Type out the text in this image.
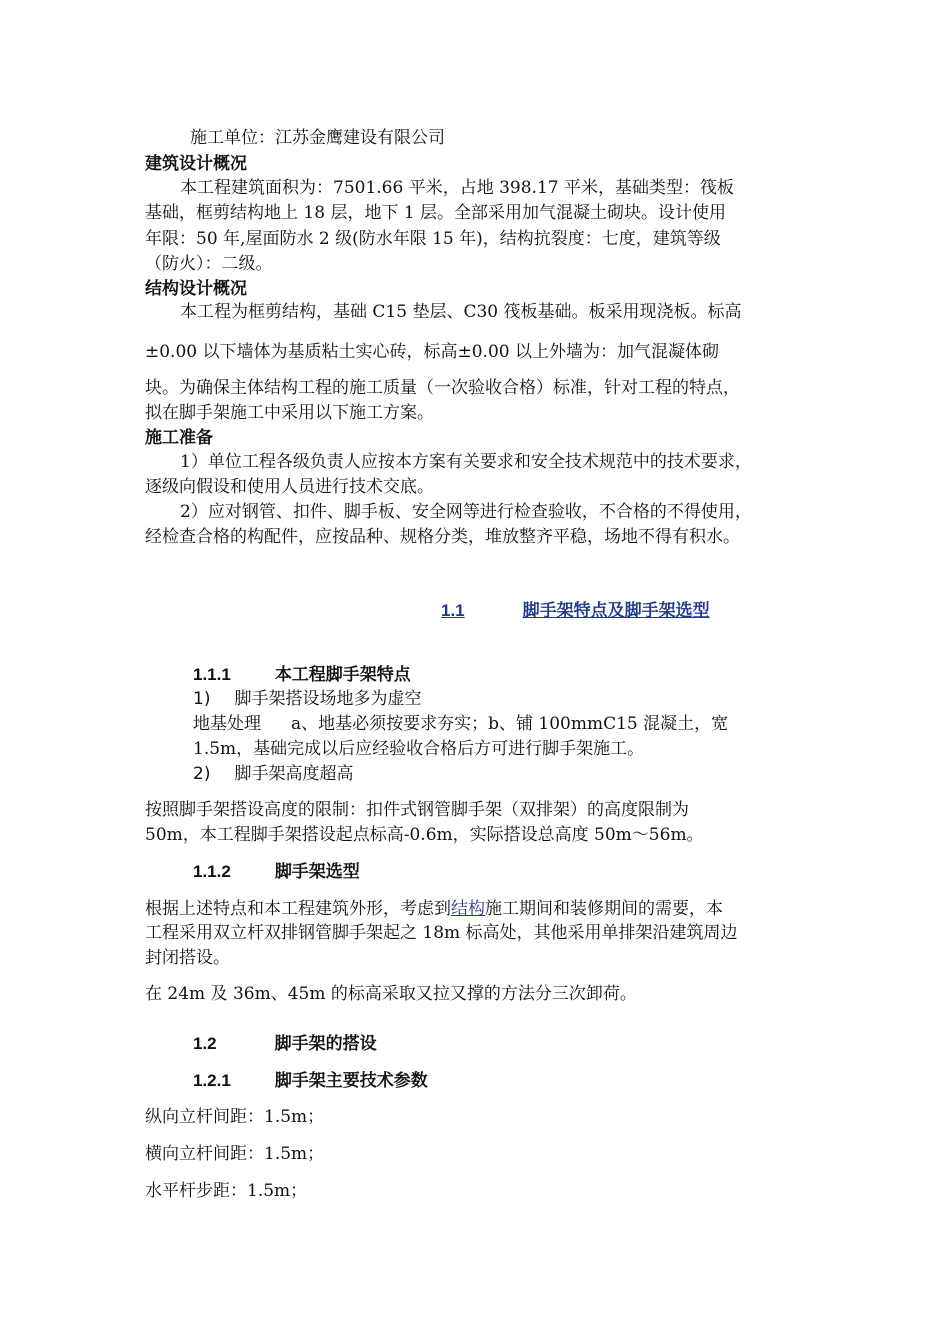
施工单位：江苏金鹰建设有限公司
建筑设计概况
本工程建筑面积为：7501.66 平米，占地 398.17 平米，基础类型：筏板
基础，框剪结构地上 18 层，地下 1 层。全部采用加气混凝土砌块。设计使用
年限：50 年,屋面防水 2 级(防水年限 15 年)，结构抗裂度：七度，建筑等级
（防火）：二级。
结构设计概况
本工程为框剪结构，基础 C15 垫层、C30 筏板基础。板采用现浇板。标高
±0.00 以下墙体为基质粘土实心砖，标高±0.00 以上外墙为：加气混凝体砌
块。为确保主体结构工程的施工质量（一次验收合格）标准，针对工程的特点，
拟在脚手架施工中采用以下施工方案。
施工准备
1）单位工程各级负责人应按本方案有关要求和安全技术规范中的技术要求，
逐级向假设和使用人员进行技术交底。
2）应对钢管、扣件、脚手板、安全网等进行检查验收，不合格的不得使用，
经检查合格的构配件，应按品种、规格分类，堆放整齐平稳，场地不得有积水。
1.1	脚手架特点及脚手架选型
1.1.1	本工程脚手架特点
1) 脚手架搭设场地多为虚空
地基处理 a、地基必须按要求夯实；b、铺 100mmC15 混凝土，宽
1.5m，基础完成以后应经验收合格后方可进行脚手架施工。
2) 脚手架高度超高
按照脚手架搭设高度的限制：扣件式钢管脚手架（双排架）的高度限制为
50m，本工程脚手架搭设起点标高-0.6m，实际搭设总高度 50m～56m。
1.1.2	脚手架选型
根据上述特点和本工程建筑外形，考虑到结构施工期间和装修期间的需要，本
工程采用双立杆双排钢管脚手架起之 18m 标高处，其他采用单排架沿建筑周边
封闭搭设。
在 24m 及 36m、45m 的标高采取又拉又撑的方法分三次卸荷。
1.2	脚手架的搭设
1.2.1	脚手架主要技术参数
纵向立杆间距：1.5m；
横向立杆间距：1.5m；
水平杆步距：1.5m；
